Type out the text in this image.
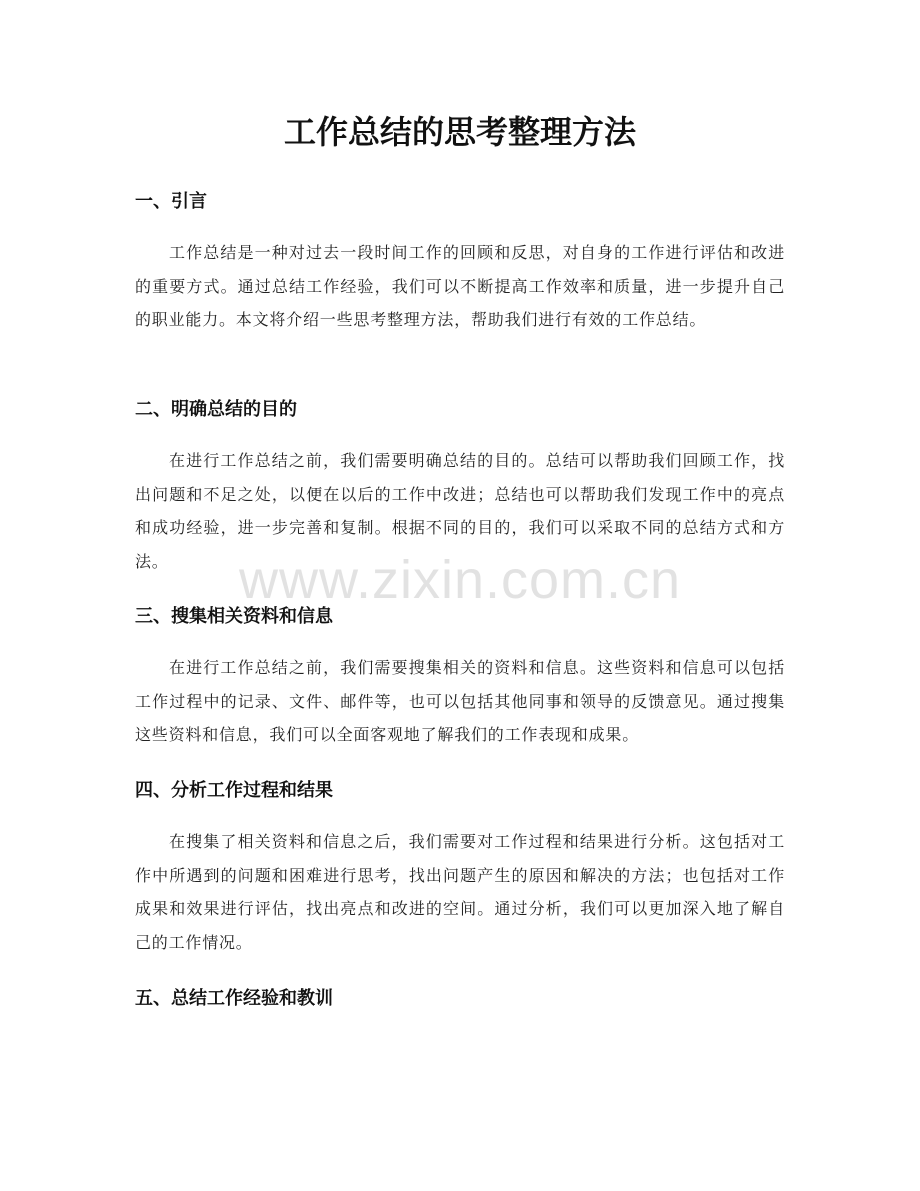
工作总结的思考整理方法
一、引言

工作总结是一种对过去一段时间工作的回顾和反思，对自身的工作进行评估和改进的重要方式。通过总结工作经验，我们可以不断提高工作效率和质量，进一步提升自己的职业能力。本文将介绍一些思考整理方法，帮助我们进行有效的工作总结。

二、明确总结的目的

在进行工作总结之前，我们需要明确总结的目的。总结可以帮助我们回顾工作，找出问题和不足之处，以便在以后的工作中改进；总结也可以帮助我们发现工作中的亮点和成功经验，进一步完善和复制。根据不同的目的，我们可以采取不同的总结方式和方法。

三、搜集相关资料和信息

在进行工作总结之前，我们需要搜集相关的资料和信息。这些资料和信息可以包括工作过程中的记录、文件、邮件等，也可以包括其他同事和领导的反馈意见。通过搜集这些资料和信息，我们可以全面客观地了解我们的工作表现和成果。

四、分析工作过程和结果

在搜集了相关资料和信息之后，我们需要对工作过程和结果进行分析。这包括对工作中所遇到的问题和困难进行思考，找出问题产生的原因和解决的方法；也包括对工作成果和效果进行评估，找出亮点和改进的空间。通过分析，我们可以更加深入地了解自己的工作情况。

五、总结工作经验和教训
www.zixin.com.cn
